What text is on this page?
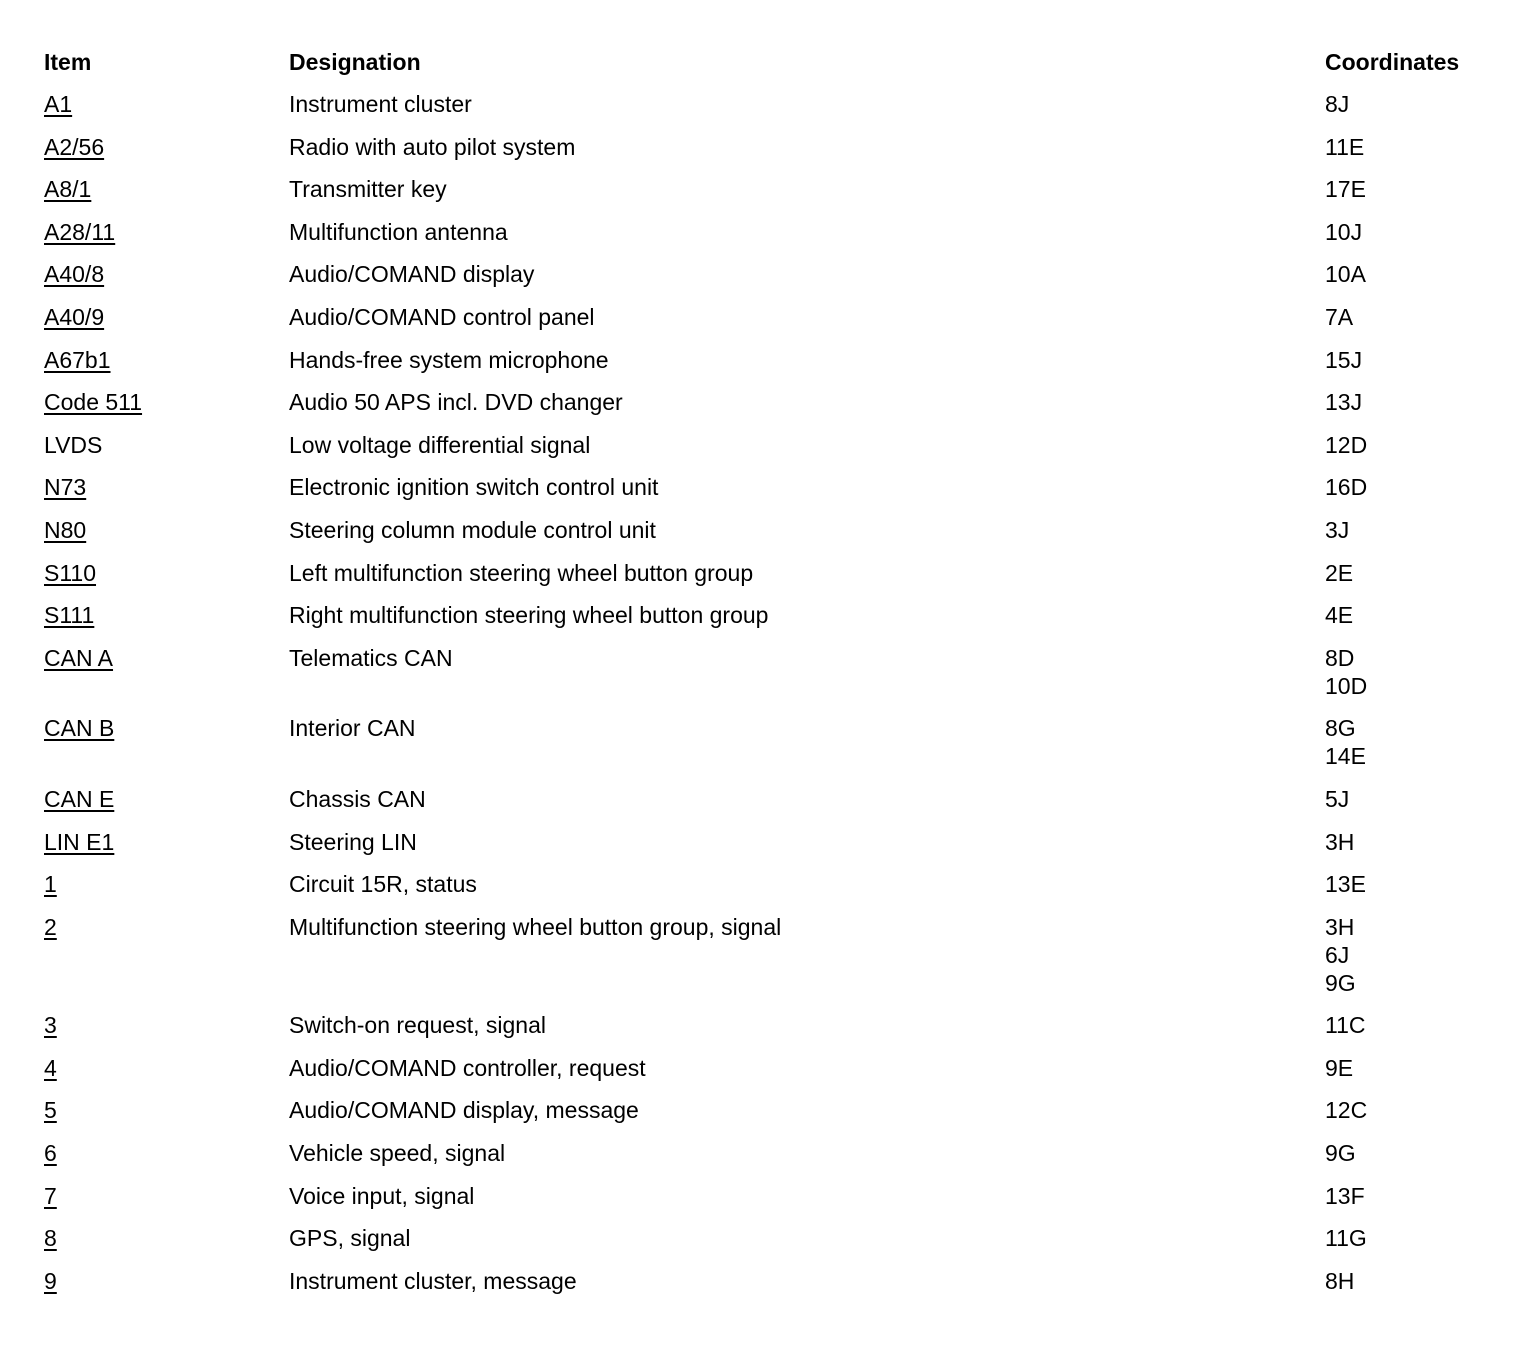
Item	Designation	Coordinates
A1	Instrument cluster	8J

A2/56	Radio with auto pilot system	11E

A8/1	Transmitter key	17E

A28/11	Multifunction antenna	10J

A40/8	Audio/COMAND display	10A

A40/9	Audio/COMAND control panel	7A

A67b1	Hands-free system microphone	15J

Code 511	Audio 50 APS incl. DVD changer	13J

LVDS	Low voltage differential signal	12D

N73	Electronic ignition switch control unit	16D

N80	Steering column module control unit	3J

S110	Left multifunction steering wheel button group	2E

S111	Right multifunction steering wheel button group	4E

CAN A	Telematics CAN	8D
10D

CAN B	Interior CAN	8G
14E

CAN E	Chassis CAN	5J

LIN E1	Steering LIN	3H

1	Circuit 15R, status	13E

2	Multifunction steering wheel button group, signal	3H
6J
9G

3	Switch-on request, signal	11C

4	Audio/COMAND controller, request	9E

5	Audio/COMAND display, message	12C

6	Vehicle speed, signal	9G

7	Voice input, signal	13F

8	GPS, signal	11G

9	Instrument cluster, message	8H
